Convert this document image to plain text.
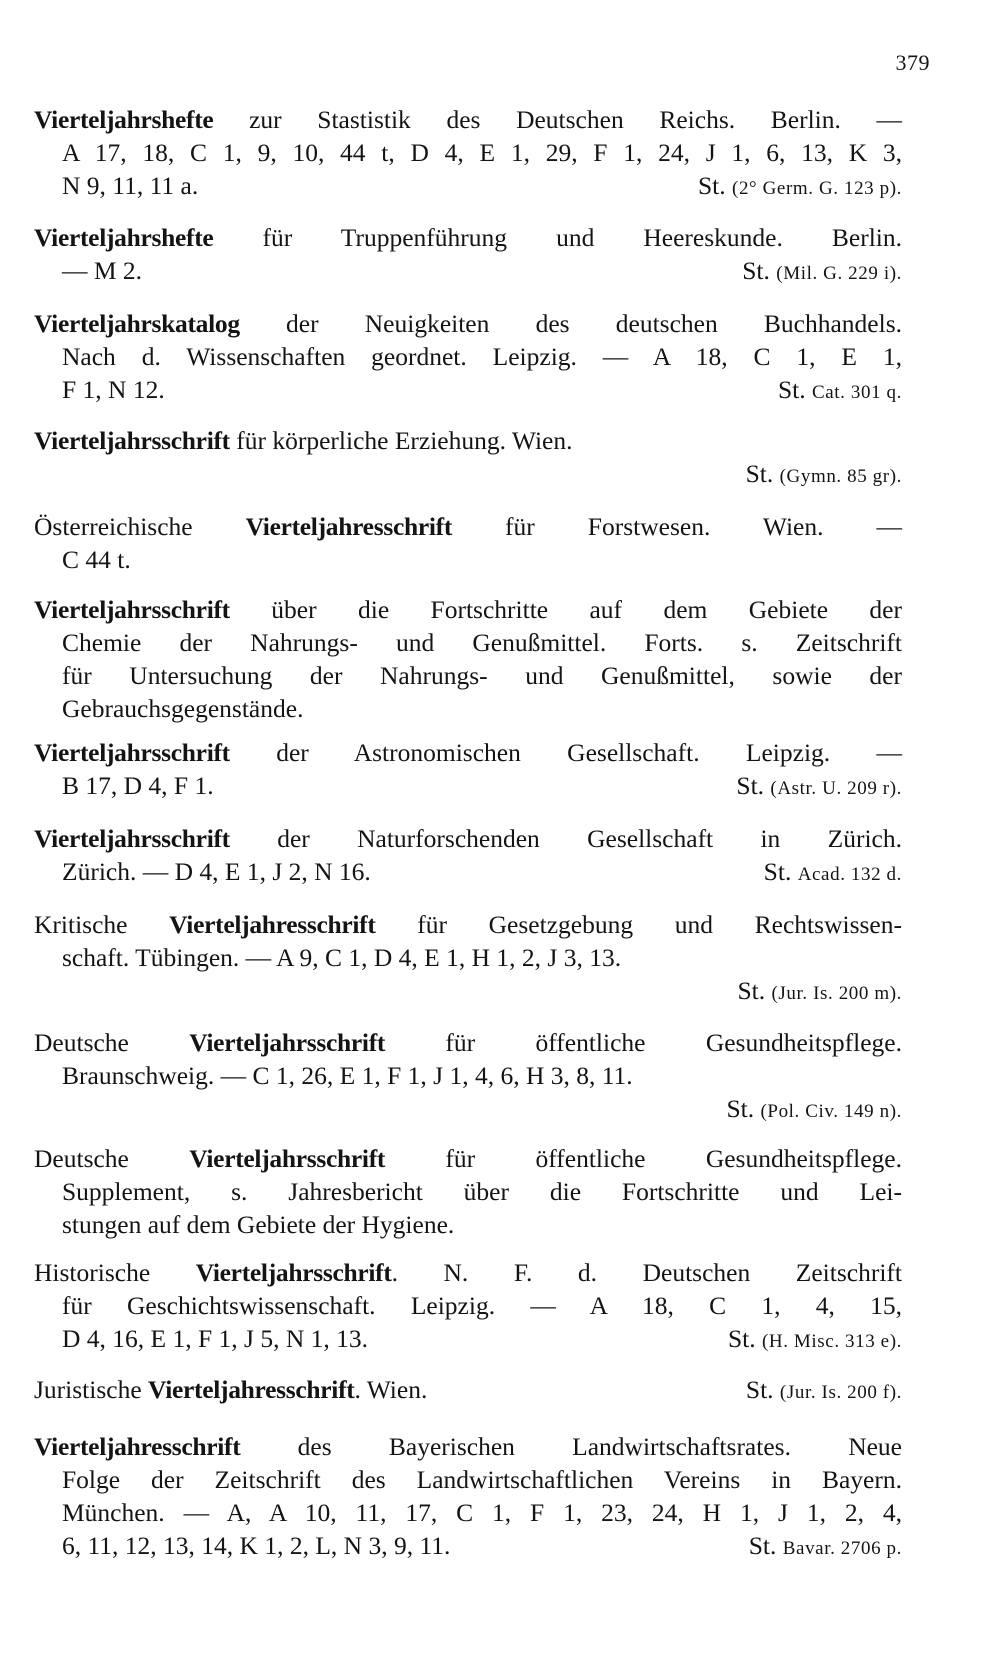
379
Vierteljahrshefte zur Stastistik des Deutschen Reichs. Berlin. —
A 17, 18, C 1, 9, 10, 44 t, D 4, E 1, 29, F 1, 24, J 1, 6, 13, K 3,
N 9, 11, 11 a.	St. (2° Germ. G. 123 p).
Vierteljahrshefte für Truppenführung und Heereskunde. Berlin.
— M 2.	St. (Mil. G. 229 i).
Vierteljahrskatalog der Neuigkeiten des deutschen Buchhandels.
Nach d. Wissenschaften geordnet. Leipzig. — A 18, C 1, E 1,
F 1, N 12.	St. Cat. 301 q.
Vierteljahrsschrift für körperliche Erziehung. Wien.
St. (Gymn. 85 gr).
Österreichische Vierteljahresschrift für Forstwesen. Wien. —
C 44 t.
Vierteljahrsschrift über die Fortschritte auf dem Gebiete der
Chemie der Nahrungs- und Genußmittel. Forts. s. Zeitschrift
für Untersuchung der Nahrungs- und Genußmittel, sowie der
Gebrauchsgegenstände.
Vierteljahrsschrift der Astronomischen Gesellschaft. Leipzig. —
B 17, D 4, F 1.	St. (Astr. U. 209 r).
Vierteljahrsschrift der Naturforschenden Gesellschaft in Zürich.
Zürich. — D 4, E 1, J 2, N 16.	St. Acad. 132 d.
Kritische Vierteljahresschrift für Gesetzgebung und Rechtswissen-
schaft. Tübingen. — A 9, C 1, D 4, E 1, H 1, 2, J 3, 13.
St. (Jur. Is. 200 m).
Deutsche Vierteljahrsschrift für öffentliche Gesundheitspflege.
Braunschweig. — C 1, 26, E 1, F 1, J 1, 4, 6, H 3, 8, 11.
St. (Pol. Civ. 149 n).
Deutsche Vierteljahrsschrift für öffentliche Gesundheitspflege.
Supplement, s. Jahresbericht über die Fortschritte und Lei-
stungen auf dem Gebiete der Hygiene.
Historische Vierteljahrsschrift. N. F. d. Deutschen Zeitschrift
für Geschichtswissenschaft. Leipzig. — A 18, C 1, 4, 15,
D 4, 16, E 1, F 1, J 5, N 1, 13.	St. (H. Misc. 313 e).
Juristische Vierteljahresschrift. Wien.	St. (Jur. Is. 200 f).
Vierteljahresschrift des Bayerischen Landwirtschaftsrates. Neue
Folge der Zeitschrift des Landwirtschaftlichen Vereins in Bayern.
München. — A, A 10, 11, 17, C 1, F 1, 23, 24, H 1, J 1, 2, 4,
6, 11, 12, 13, 14, K 1, 2, L, N 3, 9, 11.	St. Bavar. 2706 p.
